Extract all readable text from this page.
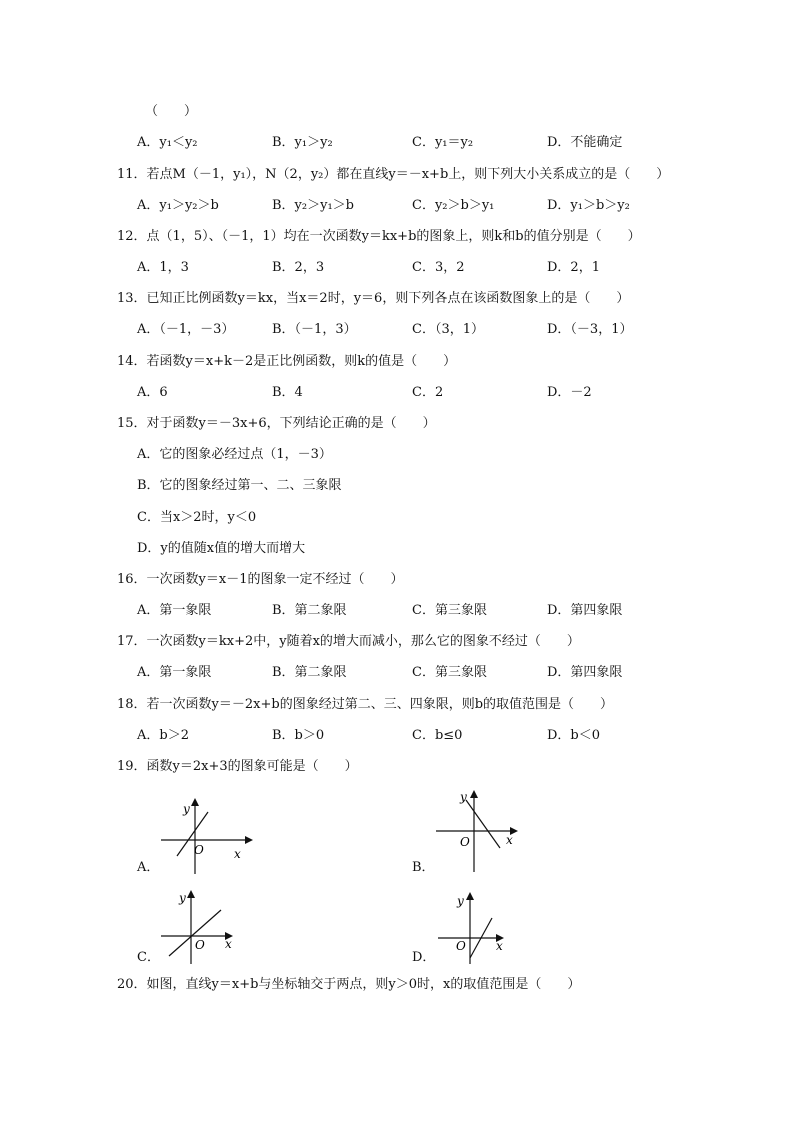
（　　）
A．y₁＜y₂	B．y₁＞y₂	C．y₁＝y₂	D．不能确定
11．若点M（－1，y₁），N（2，y₂）都在直线y＝－x+b上，则下列大小关系成立的是（　　）
A．y₁＞y₂＞b	B．y₂＞y₁＞b	C．y₂＞b＞y₁	D．y₁＞b＞y₂
12．点（1，5）、（－1，1）均在一次函数y＝kx+b的图象上，则k和b的值分别是（　　）
A．1，3	B．2，3	C．3，2	D．2，1
13．已知正比例函数y＝kx，当x＝2时，y＝6，则下列各点在该函数图象上的是（　　）
A．（－1，－3）	B．（－1，3）	C．（3，1）	D．（－3，1）
14．若函数y＝x+k－2是正比例函数，则k的值是（　　）
A．6	B．4	C．2	D．－2
15．对于函数y＝－3x+6，下列结论正确的是（　　）
A．它的图象必经过点（1，－3）
B．它的图象经过第一、二、三象限
C．当x＞2时，y＜0
D．y的值随x值的增大而增大
16．一次函数y＝x－1的图象一定不经过（　　）
A．第一象限	B．第二象限	C．第三象限	D．第四象限
17．一次函数y＝kx+2中，y随着x的增大而减小，那么它的图象不经过（　　）
A．第一象限	B．第二象限	C．第三象限	D．第四象限
18．若一次函数y＝－2x+b的图象经过第二、三、四象限，则b的取值范围是（　　）
A．b＞2	B．b＞0	C．b≤0	D．b＜0
19．函数y＝2x+3的图象可能是（　　）
A．
y
x
O
B．
y
x
O
C．
y
x
O
D．
y
x
O
20．如图，直线y＝x+b与坐标轴交于两点，则y＞0时，x的取值范围是（　　）
